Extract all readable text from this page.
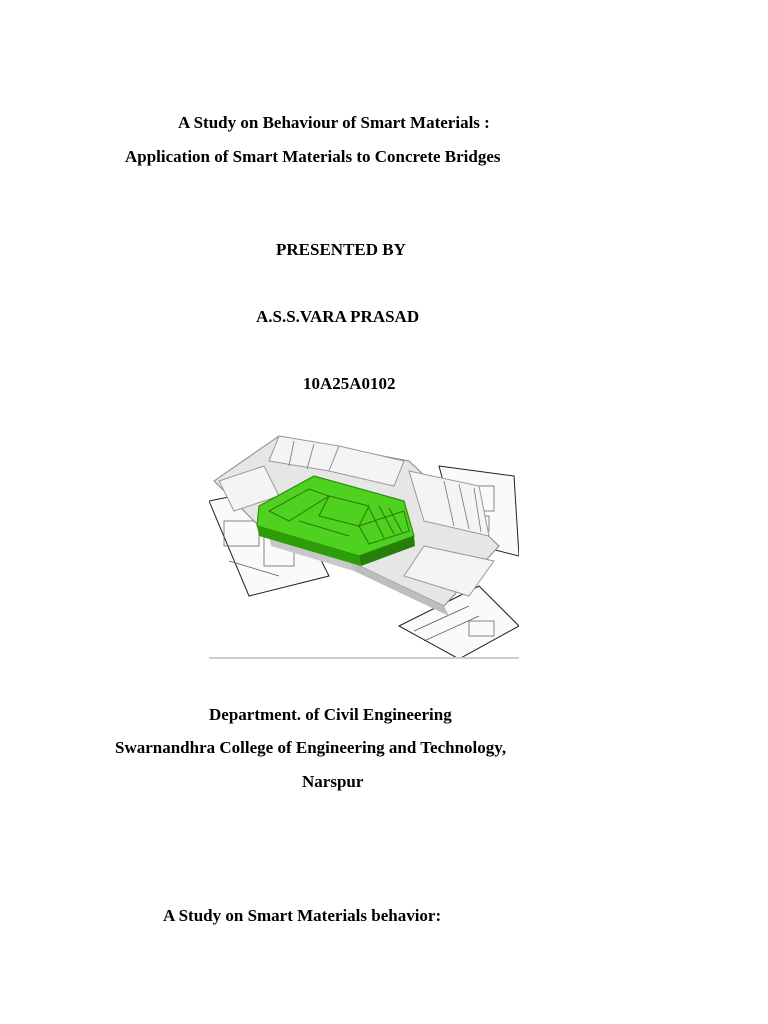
A Study on Behaviour of Smart Materials :
Application of Smart Materials to Concrete Bridges
PRESENTED BY
A.S.S.VARA PRASAD
10A25A0102
Department. of Civil Engineering
Swarnandhra College of Engineering and Technology,
Narspur
A Study on Smart Materials behavior:
